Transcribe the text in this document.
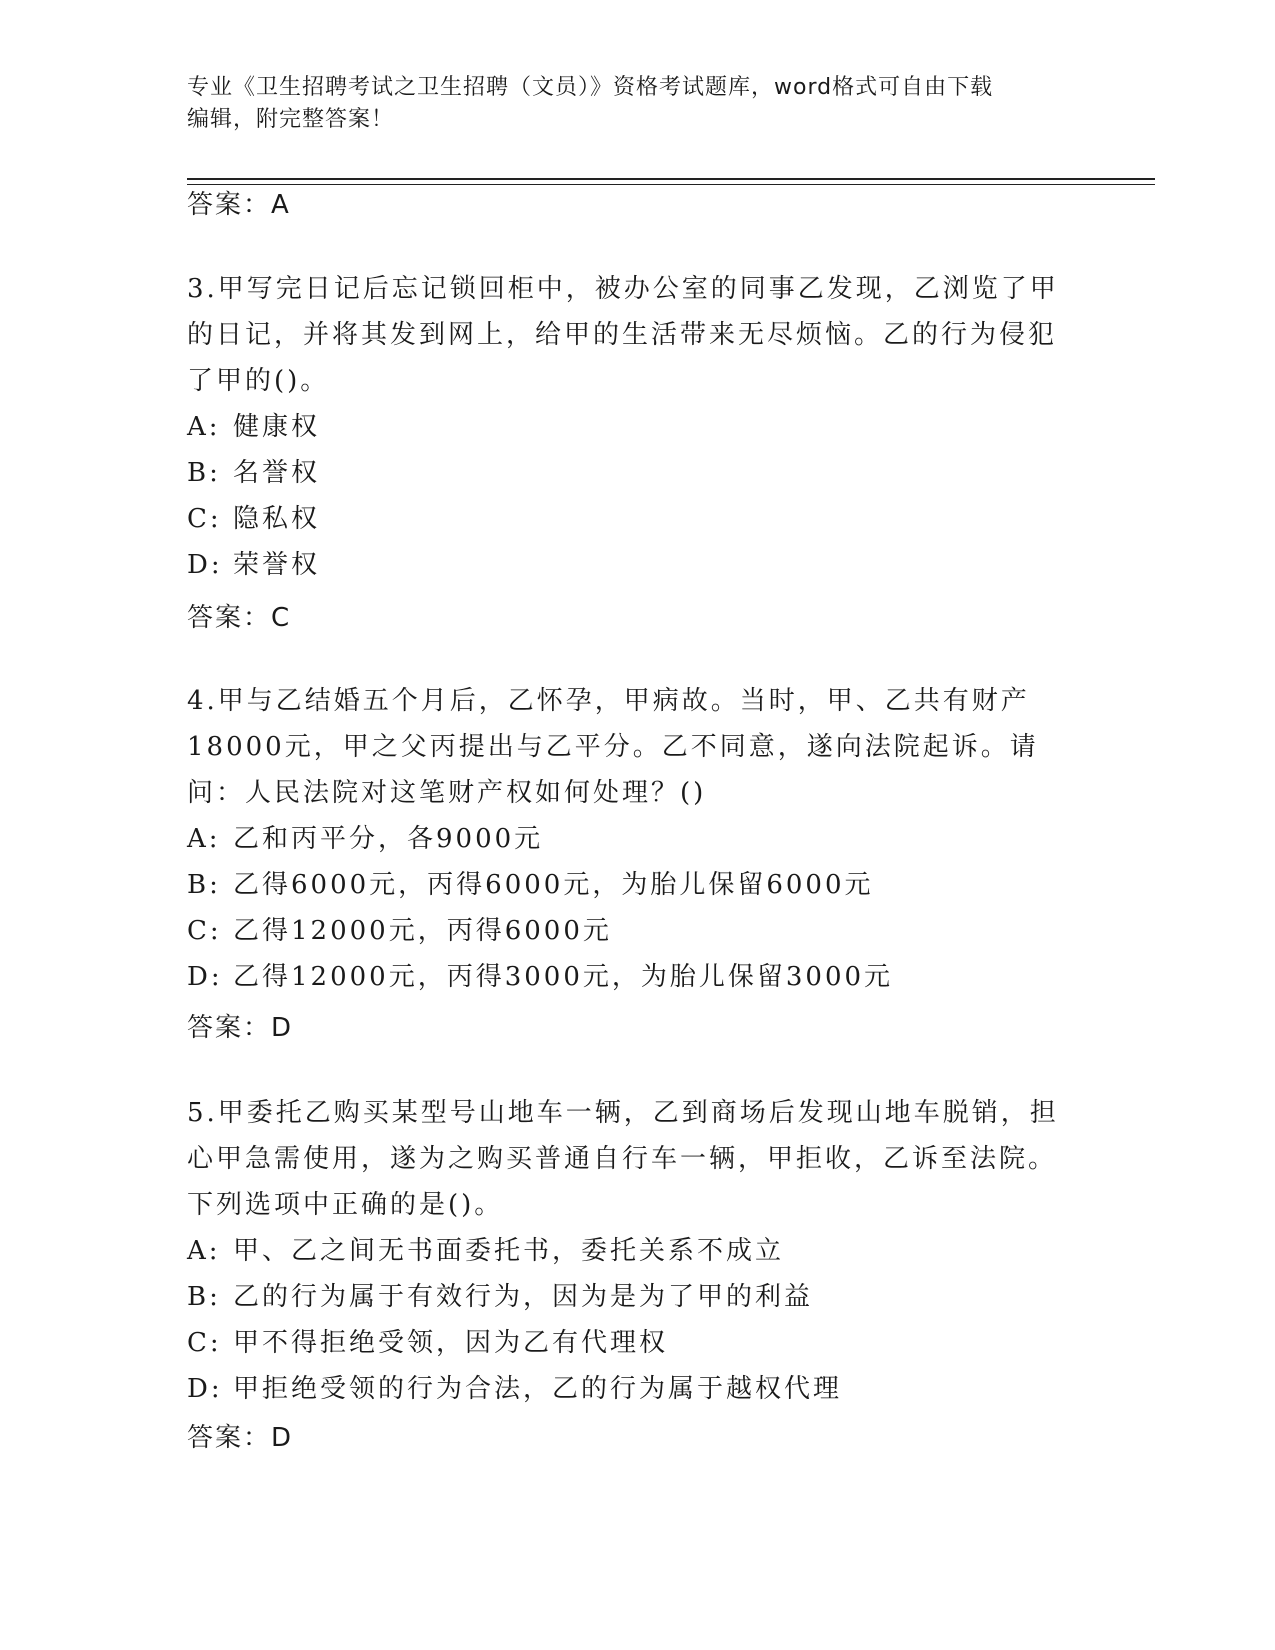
专业《卫生招聘考试之卫生招聘（文员）》资格考试题库，word格式可自由下载
编辑，附完整答案！
答案：A
3.甲写完日记后忘记锁回柜中，被办公室的同事乙发现，乙浏览了甲的日记，并将其发到网上，给甲的生活带来无尽烦恼。乙的行为侵犯了甲的()。
A: 健康权
B: 名誉权
C: 隐私权
D: 荣誉权
答案：C
4.甲与乙结婚五个月后，乙怀孕，甲病故。当时，甲、乙共有财产18000元，甲之父丙提出与乙平分。乙不同意，遂向法院起诉。请问：人民法院对这笔财产权如何处理？()
A: 乙和丙平分，各9000元
B: 乙得6000元，丙得6000元，为胎儿保留6000元
C: 乙得12000元，丙得6000元
D: 乙得12000元，丙得3000元，为胎儿保留3000元
答案：D
5.甲委托乙购买某型号山地车一辆，乙到商场后发现山地车脱销，担心甲急需使用，遂为之购买普通自行车一辆，甲拒收，乙诉至法院。下列选项中正确的是()。
A: 甲、乙之间无书面委托书，委托关系不成立
B: 乙的行为属于有效行为，因为是为了甲的利益
C: 甲不得拒绝受领，因为乙有代理权
D: 甲拒绝受领的行为合法，乙的行为属于越权代理
答案：D
